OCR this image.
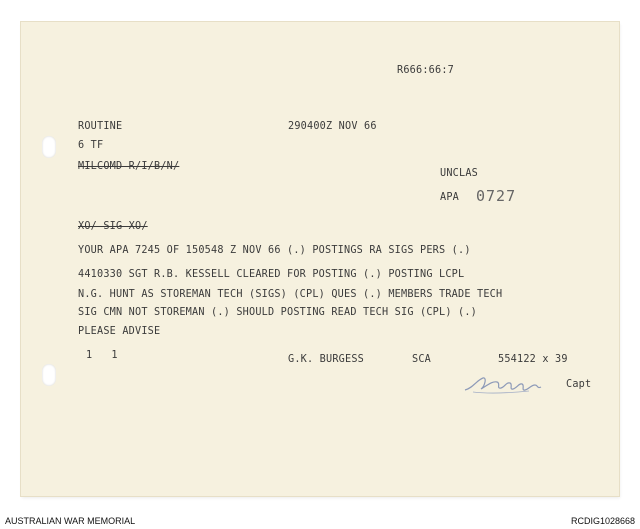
R666:66:7
ROUTINE	290400Z NOV 66
6 TF
MILCOMD R/I/B/N/
UNCLAS
APA 0727
XO/ SIG XO/
YOUR APA 7245 OF 150548 Z NOV 66 (.) POSTINGS RA SIGS PERS (.)
4410330 SGT R.B. KESSELL CLEARED FOR POSTING (.) POSTING LCPL
N.G. HUNT AS STOREMAN TECH (SIGS) (CPL) QUES (.) MEMBERS TRADE TECH
SIG CMN NOT STOREMAN (.) SHOULD POSTING READ TECH SIG (CPL) (.)
PLEASE ADVISE
1   1	G.K. BURGESS	SCA	554122 x 39
Capt
AUSTRALIAN WAR MEMORIAL	RCDIG1028668
